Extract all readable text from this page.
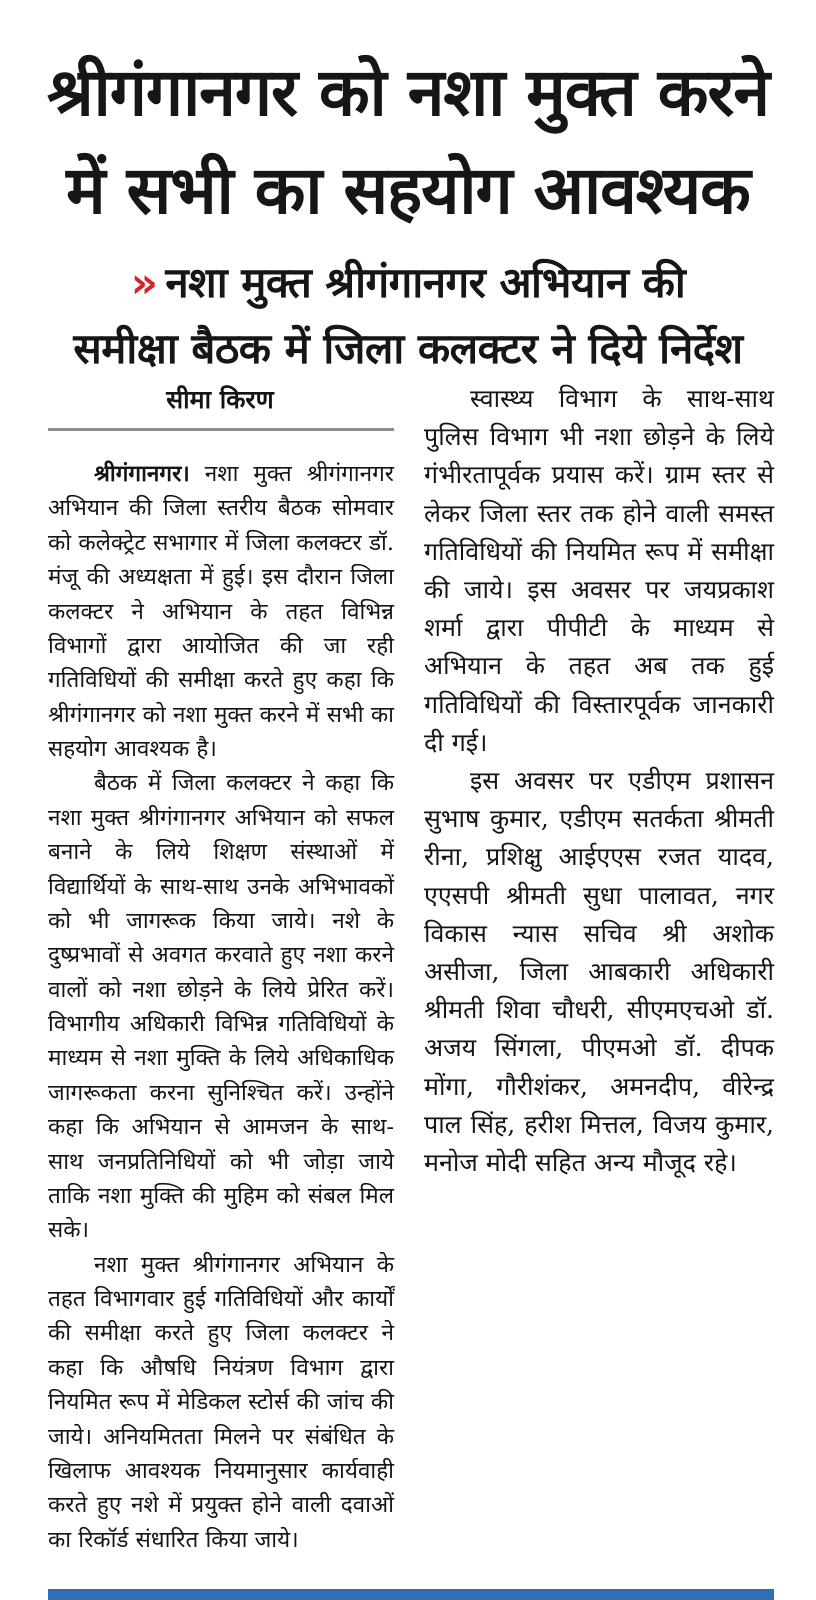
श्रीगंगानगर को नशा मुक्त करने
में सभी का सहयोग आवश्यक
» नशा मुक्त श्रीगंगानगर अभियान की
समीक्षा बैठक में जिला कलक्टर ने दिये निर्देश
सीमा किरण

श्रीगंगानगर। नशा मुक्त श्रीगंगानगर अभियान की जिला स्तरीय बैठक सोमवार को कलेक्ट्रेट सभागार में जिला कलक्टर डॉ. मंजू की अध्यक्षता में हुई। इस दौरान जिला कलक्टर ने अभियान के तहत विभिन्न विभागों द्वारा आयोजित की जा रही गतिविधियों की समीक्षा करते हुए कहा कि श्रीगंगानगर को नशा मुक्त करने में सभी का सहयोग आवश्यक है।

बैठक में जिला कलक्टर ने कहा कि नशा मुक्त श्रीगंगानगर अभियान को सफल बनाने के लिये शिक्षण संस्थाओं में विद्यार्थियों के साथ-साथ उनके अभिभावकों को भी जागरूक किया जाये। नशे के दुष्प्रभावों से अवगत करवाते हुए नशा करने वालों को नशा छोड़ने के लिये प्रेरित करें। विभागीय अधिकारी विभिन्न गतिविधियों के माध्यम से नशा मुक्ति के लिये अधिकाधिक जागरूकता करना सुनिश्चित करें। उन्होंने कहा कि अभियान से आमजन के साथ-साथ जनप्रतिनिधियों को भी जोड़ा जाये ताकि नशा मुक्ति की मुहिम को संबल मिल सके।

नशा मुक्त श्रीगंगानगर अभियान के तहत विभागवार हुई गतिविधियों और कार्यों की समीक्षा करते हुए जिला कलक्टर ने कहा कि औषधि नियंत्रण विभाग द्वारा नियमित रूप में मेडिकल स्टोर्स की जांच की जाये। अनियमितता मिलने पर संबंधित के खिलाफ आवश्यक नियमानुसार कार्यवाही करते हुए नशे में प्रयुक्त होने वाली दवाओं का रिकॉर्ड संधारित किया जाये।

स्वास्थ्य विभाग के साथ-साथ पुलिस विभाग भी नशा छोड़ने के लिये गंभीरतापूर्वक प्रयास करें। ग्राम स्तर से लेकर जिला स्तर तक होने वाली समस्त गतिविधियों की नियमित रूप में समीक्षा की जाये। इस अवसर पर जयप्रकाश शर्मा द्वारा पीपीटी के माध्यम से अभियान के तहत अब तक हुई गतिविधियों की विस्तारपूर्वक जानकारी दी गई।

इस अवसर पर एडीएम प्रशासन सुभाष कुमार, एडीएम सतर्कता श्रीमती रीना, प्रशिक्षु आईएएस रजत यादव, एएसपी श्रीमती सुधा पालावत, नगर विकास न्यास सचिव श्री अशोक असीजा, जिला आबकारी अधिकारी श्रीमती शिवा चौधरी, सीएमएचओ डॉ. अजय सिंगला, पीएमओ डॉ. दीपक मोंगा, गौरीशंकर, अमनदीप, वीरेन्द्र पाल सिंह, हरीश मित्तल, विजय कुमार, मनोज मोदी सहित अन्य मौजूद रहे।
